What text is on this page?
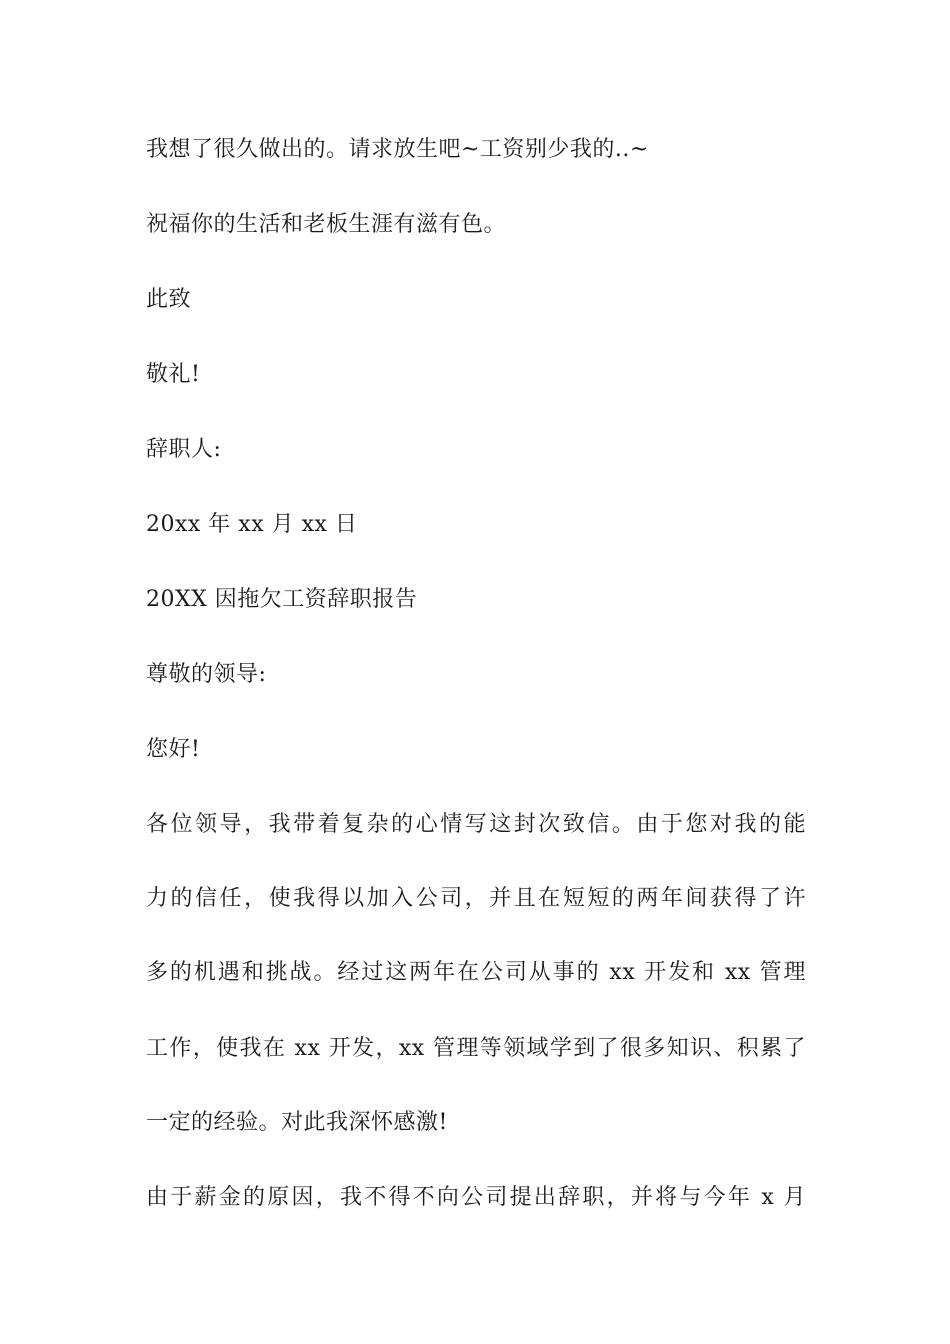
我想了很久做出的。请求放生吧~工资别少我的..~
祝福你的生活和老板生涯有滋有色。
此致
敬礼!
辞职人:
20xx 年 xx 月 xx 日
20XX 因拖欠工资辞职报告
尊敬的领导:
您好!
各位领导，我带着复杂的心情写这封次致信。由于您对我的能
力的信任，使我得以加入公司，并且在短短的两年间获得了许
多的机遇和挑战。经过这两年在公司从事的 xx 开发和 xx 管理
工作，使我在 xx 开发，xx 管理等领域学到了很多知识、积累了
一定的经验。对此我深怀感激!
由于薪金的原因，我不得不向公司提出辞职，并将与今年 x 月
